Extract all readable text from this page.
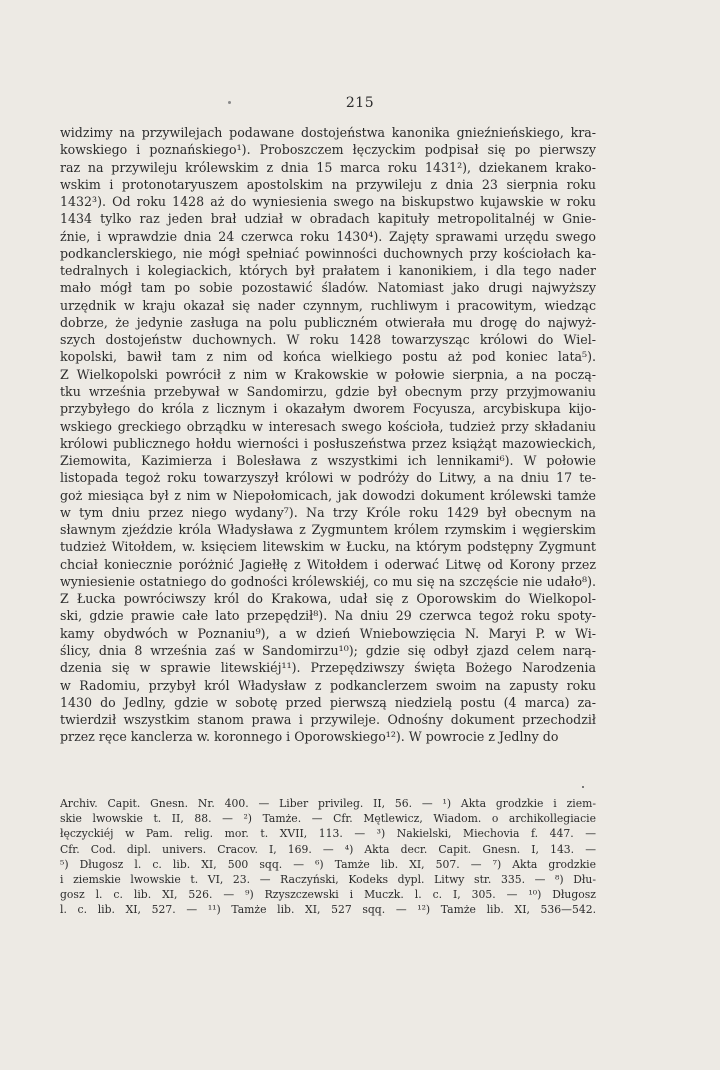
215
widzimy na przywilejach podawane dostojeństwa kanonika gnieźnieńskiego, kra-
kowskiego i poznańskiego¹). Proboszczem łęczyckim podpisał się po pierwszy
raz na przywileju królewskim z dnia 15 marca roku 1431²), dziekanem krako-
wskim i protonotaryuszem apostolskim na przywileju z dnia 23 sierpnia roku
1432³). Od roku 1428 aż do wyniesienia swego na biskupstwo kujawskie w roku
1434 tylko raz jeden brał udział w obradach kapituły metropolitalnéj w Gnie-
źnie, i wprawdzie dnia 24 czerwca roku 1430⁴). Zajęty sprawami urzędu swego
podkanclerskiego, nie mógł spełniać powinności duchownych przy kościołach ka-
tedralnych i kolegiackich, których był prałatem i kanonikiem, i dla tego nader
mało mógł tam po sobie pozostawić śladów. Natomiast jako drugi najwyższy
urzędnik w kraju okazał się nader czynnym, ruchliwym i pracowitym, wiedząc
dobrze, że jedynie zasługa na polu publiczném otwierała mu drogę do najwyż-
szych dostojeństw duchownych. W roku 1428 towarzysząc królowi do Wiel-
kopolski, bawił tam z nim od końca wielkiego postu aż pod koniec lata⁵).
Z Wielkopolski powrócił z nim w Krakowskie w połowie sierpnia, a na począ-
tku września przebywał w Sandomirzu, gdzie był obecnym przy przyjmowaniu
przybyłego do króla z licznym i okazałym dworem Focyusza, arcybiskupa kijo-
wskiego greckiego obrządku w interesach swego kościoła, tudzież przy składaniu
królowi publicznego hołdu wierności i posłuszeństwa przez książąt mazowieckich,
Ziemowita, Kazimierza i Bolesława z wszystkimi ich lennikami⁶). W połowie
listopada tegoż roku towarzyszył królowi w podróży do Litwy, a na dniu 17 te-
goż miesiąca był z nim w Niepołomicach, jak dowodzi dokument królewski tamże
w tym dniu przez niego wydany⁷). Na trzy Króle roku 1429 był obecnym na
sławnym zjeździe króla Władysława z Zygmuntem królem rzymskim i węgierskim
tudzież Witołdem, w. księciem litewskim w Łucku, na którym podstępny Zygmunt
chciał koniecznie poróżnić Jagiełłę z Witołdem i oderwać Litwę od Korony przez
wyniesienie ostatniego do godności królewskiéj, co mu się na szczęście nie udało⁸).
Z Łucka powróciwszy król do Krakowa, udał się z Oporowskim do Wielkopol-
ski, gdzie prawie całe lato przepędził⁸). Na dniu 29 czerwca tegoż roku spoty-
kamy obydwóch w Poznaniu⁹), a w dzień Wniebowzięcia N. Maryi P. w Wi-
ślicy, dnia 8 września zaś w Sandomirzu¹⁰); gdzie się odbył zjazd celem narą-
dzenia się w sprawie litewskiéj¹¹). Przepędziwszy święta Bożego Narodzenia
w Radomiu, przybył król Władysław z podkanclerzem swoim na zapusty roku
1430 do Jedlny, gdzie w sobotę przed pierwszą niedzielą postu (4 marca) za-
twierdził wszystkim stanom prawa i przywileje. Odnośny dokument przechodził
przez ręce kanclerza w. koronnego i Oporowskiego¹²). W powrocie z Jedlny do
Archiv. Capit. Gnesn. Nr. 400. — Liber privileg. II, 56. — ¹) Akta grodzkie i ziem-
skie lwowskie t. II, 88. — ²) Tamże. — Cfr. Mętlewicz, Wiadom. o archikollegiacie
łęczyckiéj w Pam. relig. mor. t. XVII, 113. — ³) Nakielski, Miechovia f. 447. —
Cfr. Cod. dipl. univers. Cracov. I, 169. — ⁴) Akta decr. Capit. Gnesn. I, 143. —
⁵) Długosz l. c. lib. XI, 500 sqq. — ⁶) Tamże lib. XI, 507. — ⁷) Akta grodzkie
i ziemskie lwowskie t. VI, 23. — Raczyński, Kodeks dypl. Litwy str. 335. — ⁸) Dłu-
gosz l. c. lib. XI, 526. — ⁹) Rzyszczewski i Muczk. l. c. I, 305. — ¹⁰) Długosz
l. c. lib. XI, 527. — ¹¹) Tamże lib. XI, 527 sqq. — ¹²) Tamże lib. XI, 536—542.
